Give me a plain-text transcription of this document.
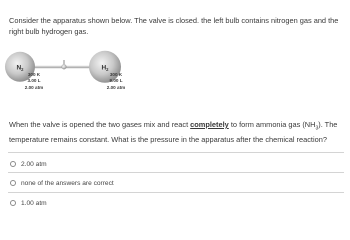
Consider the apparatus shown below. The valve is closed. the left bulb contains nitrogen gas and the right bulb hydrogen gas.
$N_2$	$H_2$
300 K
3.00 L
2.00 atm
300 K
9.00 L
2.00 atm
When the valve is opened the two gases mix and react completely to form ammonia gas $(NH_3)$. The temperature remains constant. What is the pressure in the apparatus after the chemical reaction?
2.00 atm
none of the answers are correct
1.00 atm
